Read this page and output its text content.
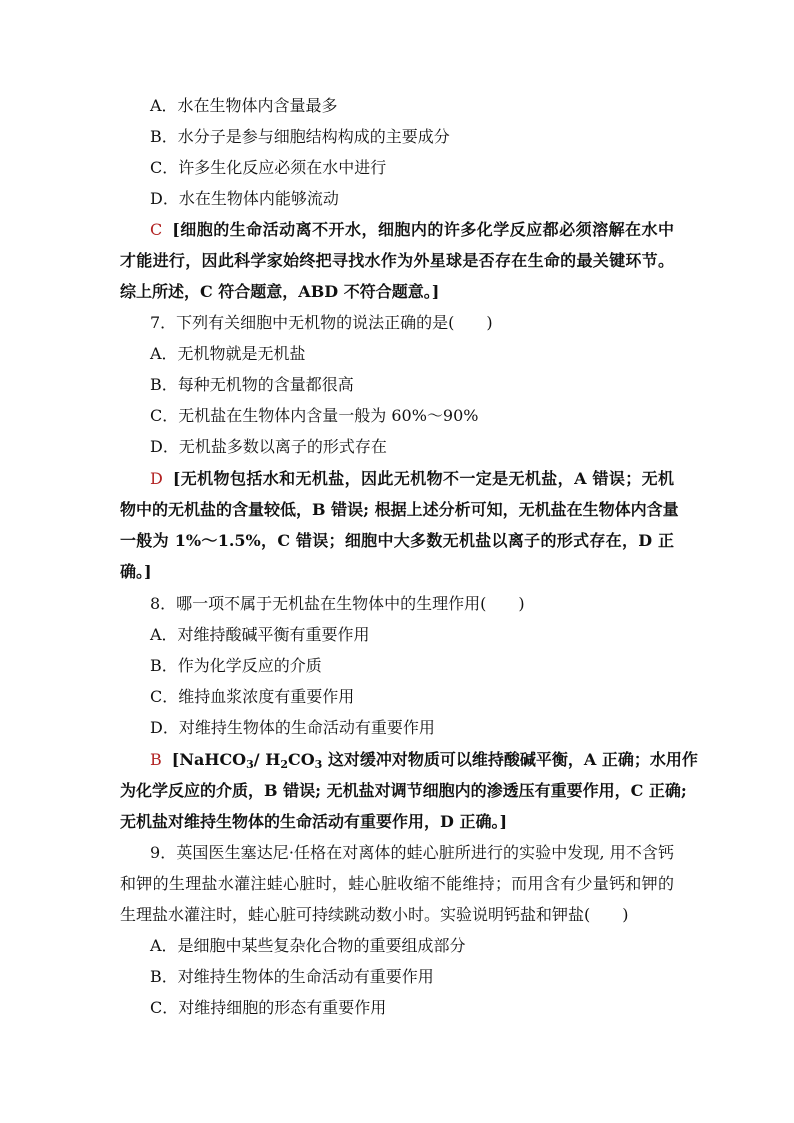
A．水在生物体内含量最多
B．水分子是参与细胞结构构成的主要成分
C．许多生化反应必须在水中进行
D．水在生物体内能够流动
C [细胞的生命活动离不开水，细胞内的许多化学反应都必须溶解在水中
才能进行，因此科学家始终把寻找水作为外星球是否存在生命的最关键环节。
综上所述，C 符合题意，ABD 不符合题意。]
7．下列有关细胞中无机物的说法正确的是(　　)
A．无机物就是无机盐
B．每种无机物的含量都很高
C．无机盐在生物体内含量一般为 60%～90%
D．无机盐多数以离子的形式存在
D [无机物包括水和无机盐，因此无机物不一定是无机盐，A 错误；无机
物中的无机盐的含量较低，B 错误; 根据上述分析可知，无机盐在生物体内含量
一般为 1%～1.5%，C 错误；细胞中大多数无机盐以离子的形式存在，D 正
确。]
8．哪一项不属于无机盐在生物体中的生理作用(　　)
A．对维持酸碱平衡有重要作用
B．作为化学反应的介质
C．维持血浆浓度有重要作用
D．对维持生物体的生命活动有重要作用
B [NaHCO$_3$/ $H_2CO_3$ 这对缓冲对物质可以维持酸碱平衡，A 正确；水用作
为化学反应的介质，B 错误; 无机盐对调节细胞内的渗透压有重要作用，C 正确;
无机盐对维持生物体的生命活动有重要作用，D 正确。]
9．英国医生塞达尼·任格在对离体的蛙心脏所进行的实验中发现, 用不含钙
和钾的生理盐水灌注蛙心脏时，蛙心脏收缩不能维持；而用含有少量钙和钾的
生理盐水灌注时，蛙心脏可持续跳动数小时。实验说明钙盐和钾盐(　　)
A．是细胞中某些复杂化合物的重要组成部分
B．对维持生物体的生命活动有重要作用
C．对维持细胞的形态有重要作用
